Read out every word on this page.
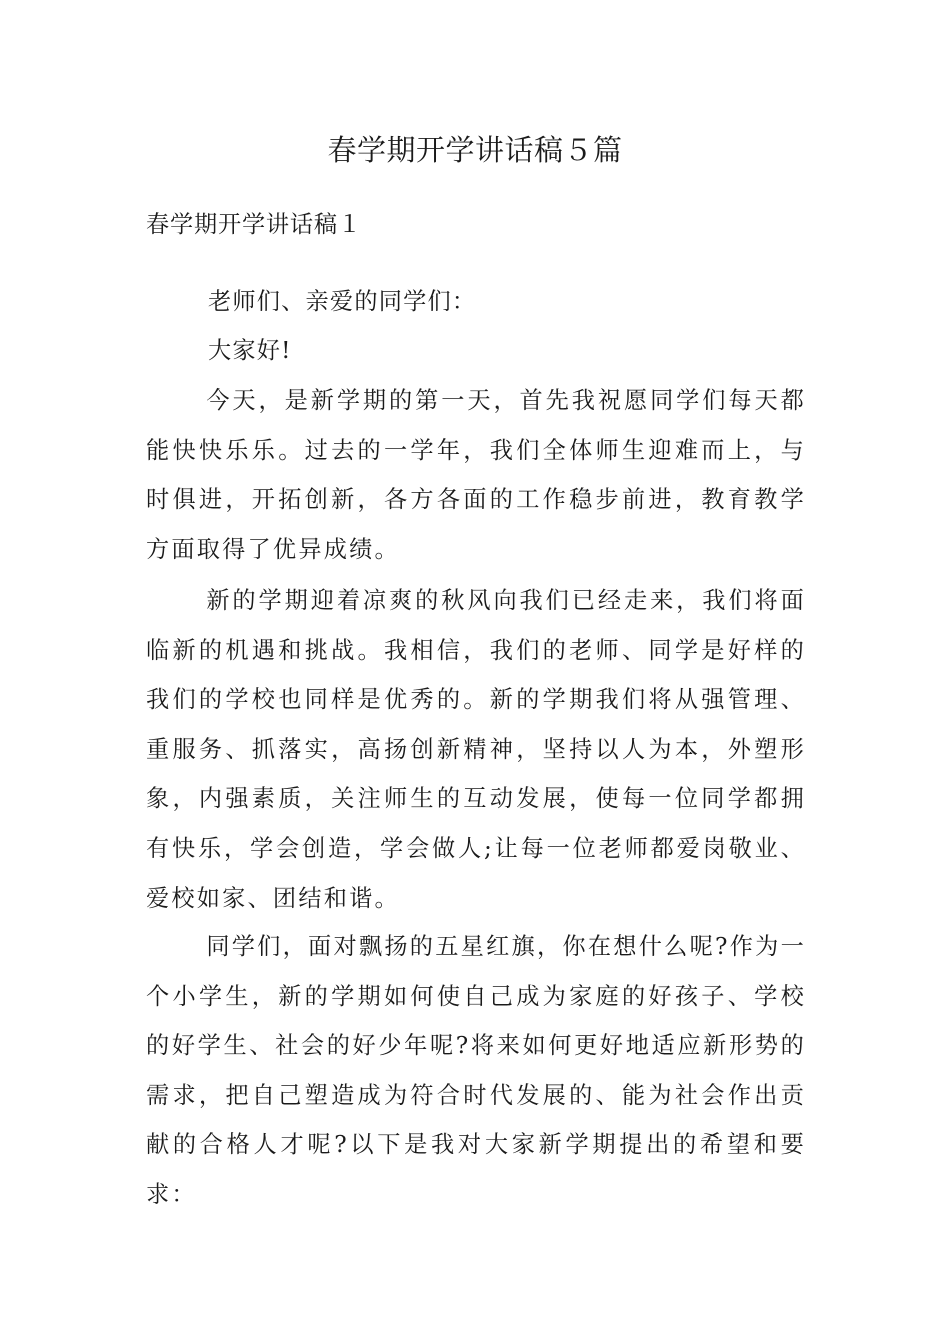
春学期开学讲话稿５篇
春学期开学讲话稿１

老师们、亲爱的同学们：

大家好!

今天，是新学期的第一天，首先我祝愿同学们每天都能快快乐乐。过去的一学年，我们全体师生迎难而上，与时俱进，开拓创新，各方各面的工作稳步前进，教育教学方面取得了优异成绩。

新的学期迎着凉爽的秋风向我们已经走来，我们将面临新的机遇和挑战。我相信，我们的老师、同学是好样的我们的学校也同样是优秀的。新的学期我们将从强管理、重服务、抓落实，高扬创新精神，坚持以人为本，外塑形象，内强素质，关注师生的互动发展，使每一位同学都拥有快乐，学会创造，学会做人;让每一位老师都爱岗敬业、爱校如家、团结和谐。

同学们，面对飘扬的五星红旗，你在想什么呢?作为一个小学生，新的学期如何使自己成为家庭的好孩子、学校的好学生、社会的好少年呢?将来如何更好地适应新形势的需求，把自己塑造成为符合时代发展的、能为社会作出贡献的合格人才呢?以下是我对大家新学期提出的希望和要求：
